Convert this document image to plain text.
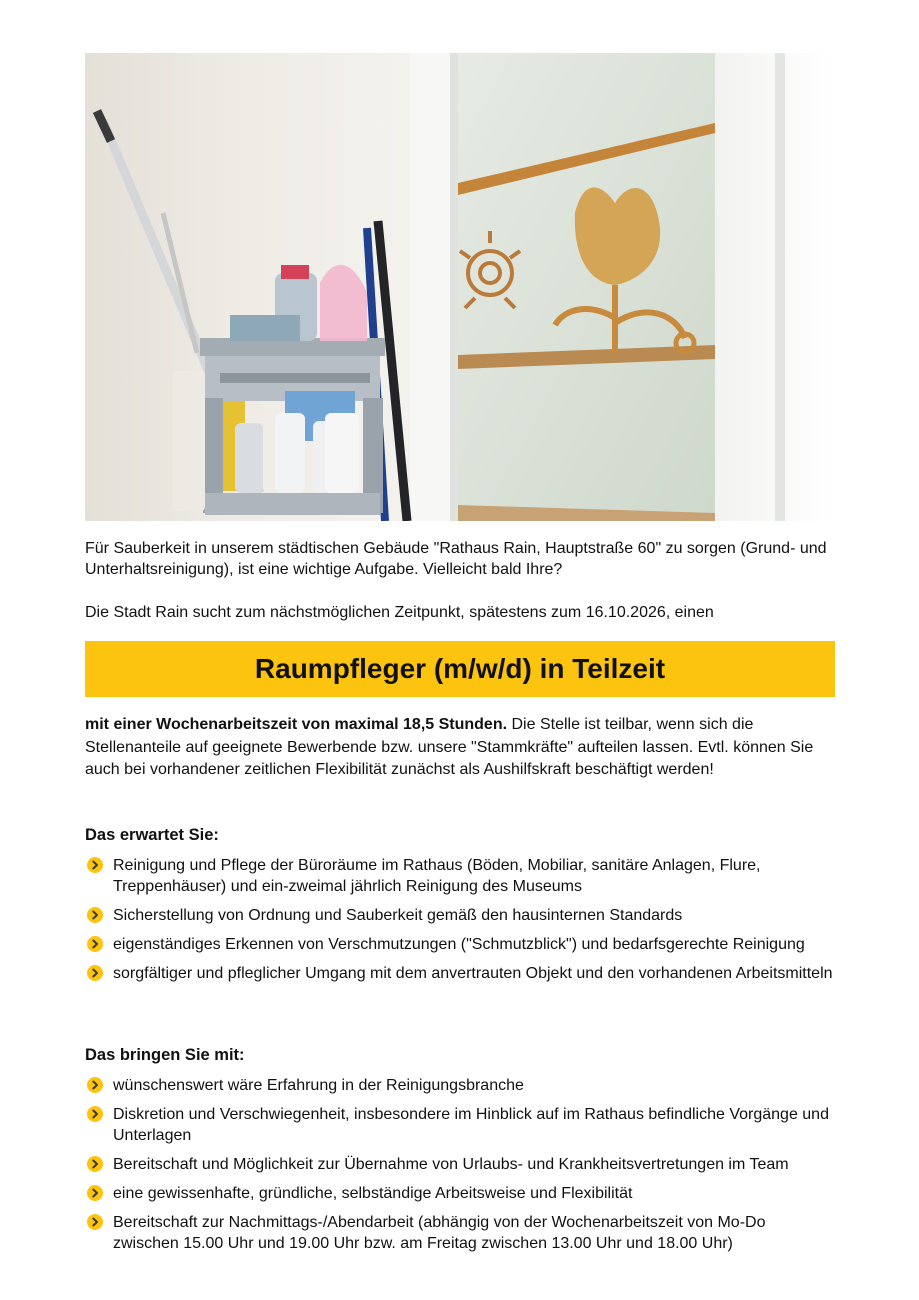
Für Sauberkeit in unserem städtischen Gebäude "Rathaus Rain, Hauptstraße 60" zu sorgen (Grund- und Unterhaltsreinigung), ist eine wichtige Aufgabe. Vielleicht bald Ihre?

Die Stadt Rain sucht zum nächstmöglichen Zeitpunkt, spätestens zum 16.10.2026, einen

Raumpfleger (m/w/d) in Teilzeit

mit einer Wochenarbeitszeit von maximal 18,5 Stunden. Die Stelle ist teilbar, wenn sich die Stellenanteile auf geeignete Bewerbende bzw. unsere "Stammkräfte" aufteilen lassen. Evtl. können Sie auch bei vorhandener zeitlichen Flexibilität zunächst als Aushilfskraft beschäftigt werden!

Das erwartet Sie:
Reinigung und Pflege der Büroräume im Rathaus (Böden, Mobiliar, sanitäre Anlagen, Flure, Treppenhäuser) und ein-zweimal jährlich Reinigung des Museums
Sicherstellung von Ordnung und Sauberkeit gemäß den hausinternen Standards
eigenständiges Erkennen von Verschmutzungen ("Schmutzblick") und bedarfsgerechte Reinigung
sorgfältiger und pfleglicher Umgang mit dem anvertrauten Objekt und den vorhandenen Arbeitsmitteln
Das bringen Sie mit:
wünschenswert wäre Erfahrung in der Reinigungsbranche
Diskretion und Verschwiegenheit, insbesondere im Hinblick auf im Rathaus befindliche Vorgänge und Unterlagen
Bereitschaft und Möglichkeit zur Übernahme von Urlaubs- und Krankheitsvertretungen im Team
eine gewissenhafte, gründliche, selbständige Arbeitsweise und Flexibilität
Bereitschaft zur Nachmittags-/Abendarbeit (abhängig von der Wochenarbeitszeit von Mo-Do zwischen 15.00 Uhr und 19.00 Uhr bzw. am Freitag zwischen 13.00 Uhr und 18.00 Uhr)
